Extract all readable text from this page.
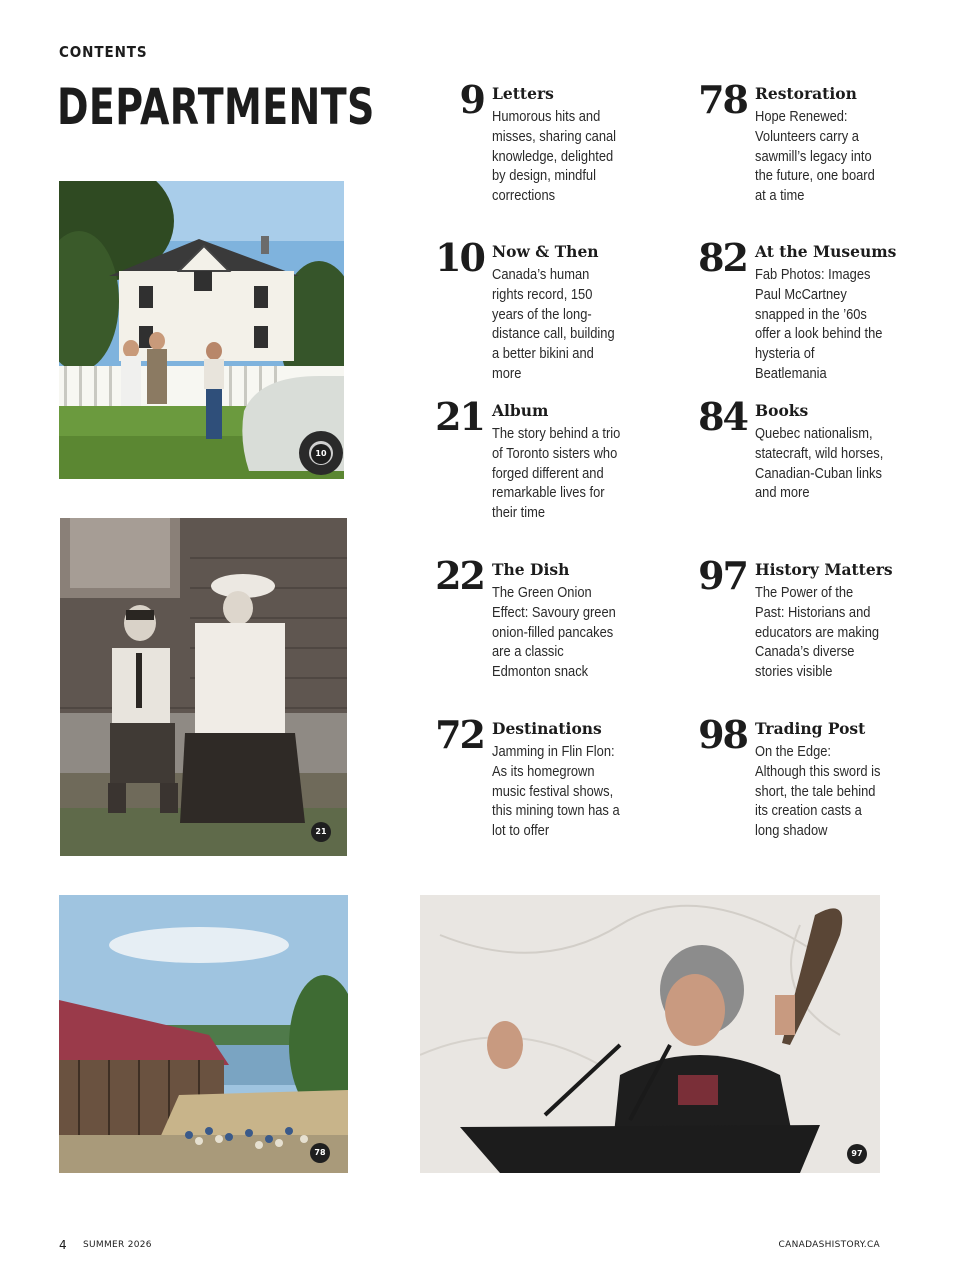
CONTENTS
DEPARTMENTS
10
21
78	97
9 Letters
Humorous hits and misses, sharing canal knowledge, delighted by design, mindful corrections
10 Now & Then
Canada’s human rights record, 150 years of the long-distance call, building a better bikini and more
21 Album
The story behind a trio of Toronto sisters who forged different and remarkable lives for their time
22 The Dish
The Green Onion Effect: Savoury green onion-filled pancakes are a classic Edmonton snack
72 Destinations
Jamming in Flin Flon: As its homegrown music festival shows, this mining town has a lot to offer
78 Restoration
Hope Renewed: Volunteers carry a sawmill’s legacy into the future, one board at a time
82 At the Museums
Fab Photos: Images Paul McCartney snapped in the ’60s offer a look behind the hysteria of Beatlemania
84 Books
Quebec nationalism, statecraft, wild horses, Canadian-Cuban links and more
97 History Matters
The Power of the Past: Historians and educators are making Canada’s diverse stories visible
98 Trading Post
On the Edge: Although this sword is short, the tale behind its creation casts a long shadow
4 SUMMER 2026	CANADASHISTORY.CA
